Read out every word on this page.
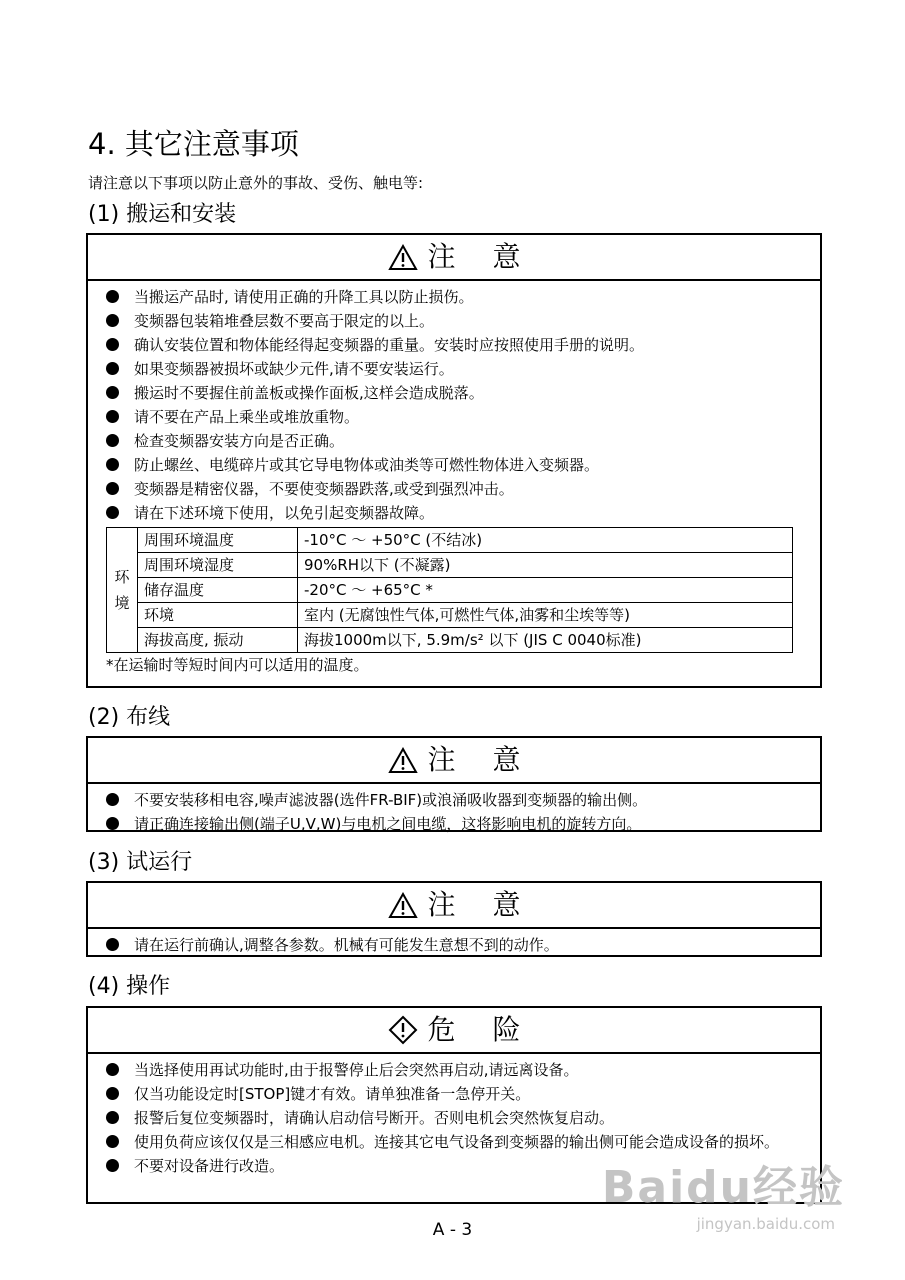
4. 其它注意事项
请注意以下事项以防止意外的事故、受伤、触电等:
(1) 搬运和安装
注 意
当搬运产品时, 请使用正确的升降工具以防止损伤。
变频器包装箱堆叠层数不要高于限定的以上。
确认安装位置和物体能经得起变频器的重量。安装时应按照使用手册的说明。
如果变频器被损坏或缺少元件,请不要安装运行。
搬运时不要握住前盖板或操作面板,这样会造成脱落。
请不要在产品上乘坐或堆放重物。
检查变频器安装方向是否正确。
防止螺丝、电缆碎片或其它导电物体或油类等可燃性物体进入变频器。
变频器是精密仪器，不要使变频器跌落,或受到强烈冲击。
请在下述环境下使用，以免引起变频器故障。
环境	周围环境温度	-10°C ～ +50°C (不结冰)
	周围环境湿度	90%RH以下 (不凝露)
	储存温度	-20°C ～ +65°C *
	环境	室内 (无腐蚀性气体,可燃性气体,油雾和尘埃等等)
	海拔高度, 振动	海拔1000m以下, 5.9m/s² 以下 (JIS C 0040标准)
*在运输时等短时间内可以适用的温度。
(2) 布线
注 意
不要安装移相电容,噪声滤波器(选件FR-BIF)或浪涌吸收器到变频器的输出侧。
请正确连接输出侧(端子U,V,W)与电机之间电缆，这将影响电机的旋转方向。
(3) 试运行
注 意
请在运行前确认,调整各参数。机械有可能发生意想不到的动作。
(4) 操作
危 险
当选择使用再试功能时,由于报警停止后会突然再启动,请远离设备。
仅当功能设定时[STOP]键才有效。请单独准备一急停开关。
报警后复位变频器时，请确认启动信号断开。否则电机会突然恢复启动。
使用负荷应该仅仅是三相感应电机。连接其它电气设备到变频器的输出侧可能会造成设备的损坏。
不要对设备进行改造。
A - 3
Baidu经验
jingyan.baidu.com
